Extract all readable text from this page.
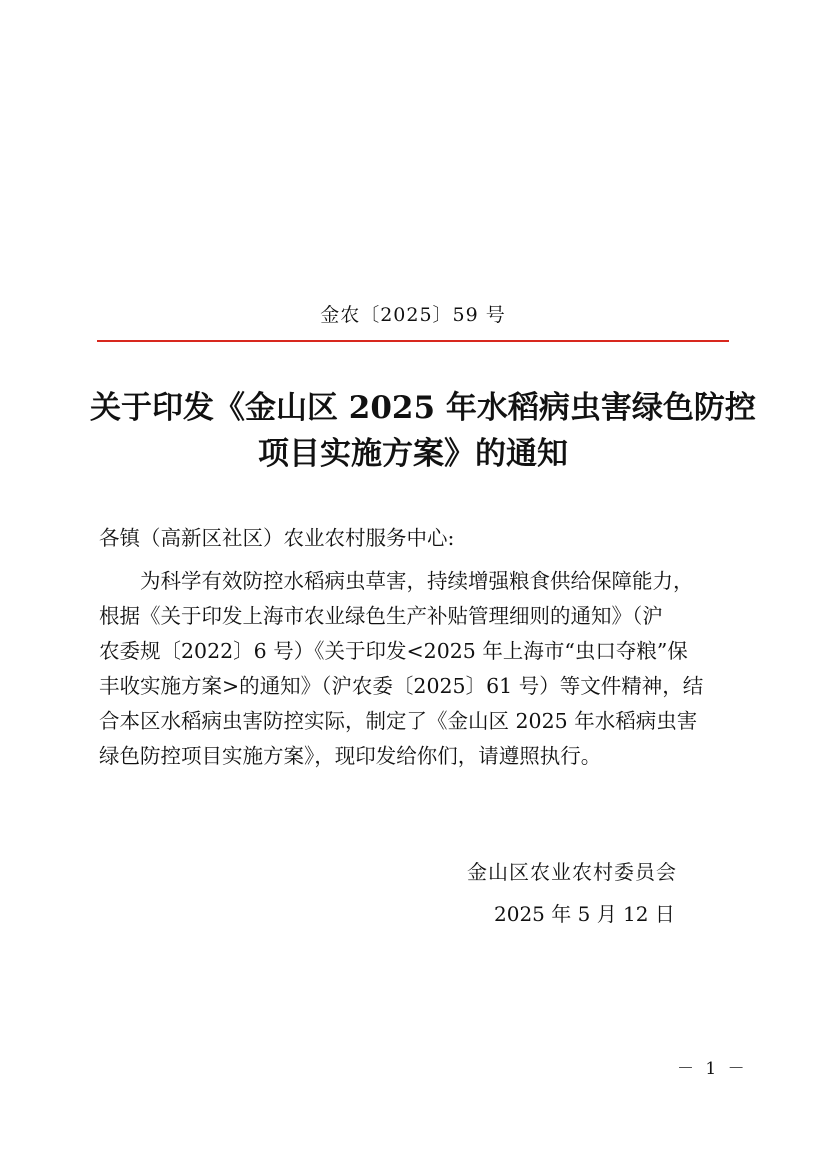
金农〔2025〕59 号
关于印发《金山区 2025 年水稻病虫害绿色防控
项目实施方案》的通知
各镇（高新区社区）农业农村服务中心:
为科学有效防控水稻病虫草害，持续增强粮食供给保障能力，
根据《关于印发上海市农业绿色生产补贴管理细则的通知》（沪
农委规〔2022〕6 号）《关于印发<2025 年上海市“虫口夺粮”保
丰收实施方案>的通知》（沪农委〔2025〕61 号）等文件精神，结
合本区水稻病虫害防控实际，制定了《金山区 2025 年水稻病虫害
绿色防控项目实施方案》，现印发给你们，请遵照执行。
金山区农业农村委员会
2025 年 5 月 12 日
－ 1 －
